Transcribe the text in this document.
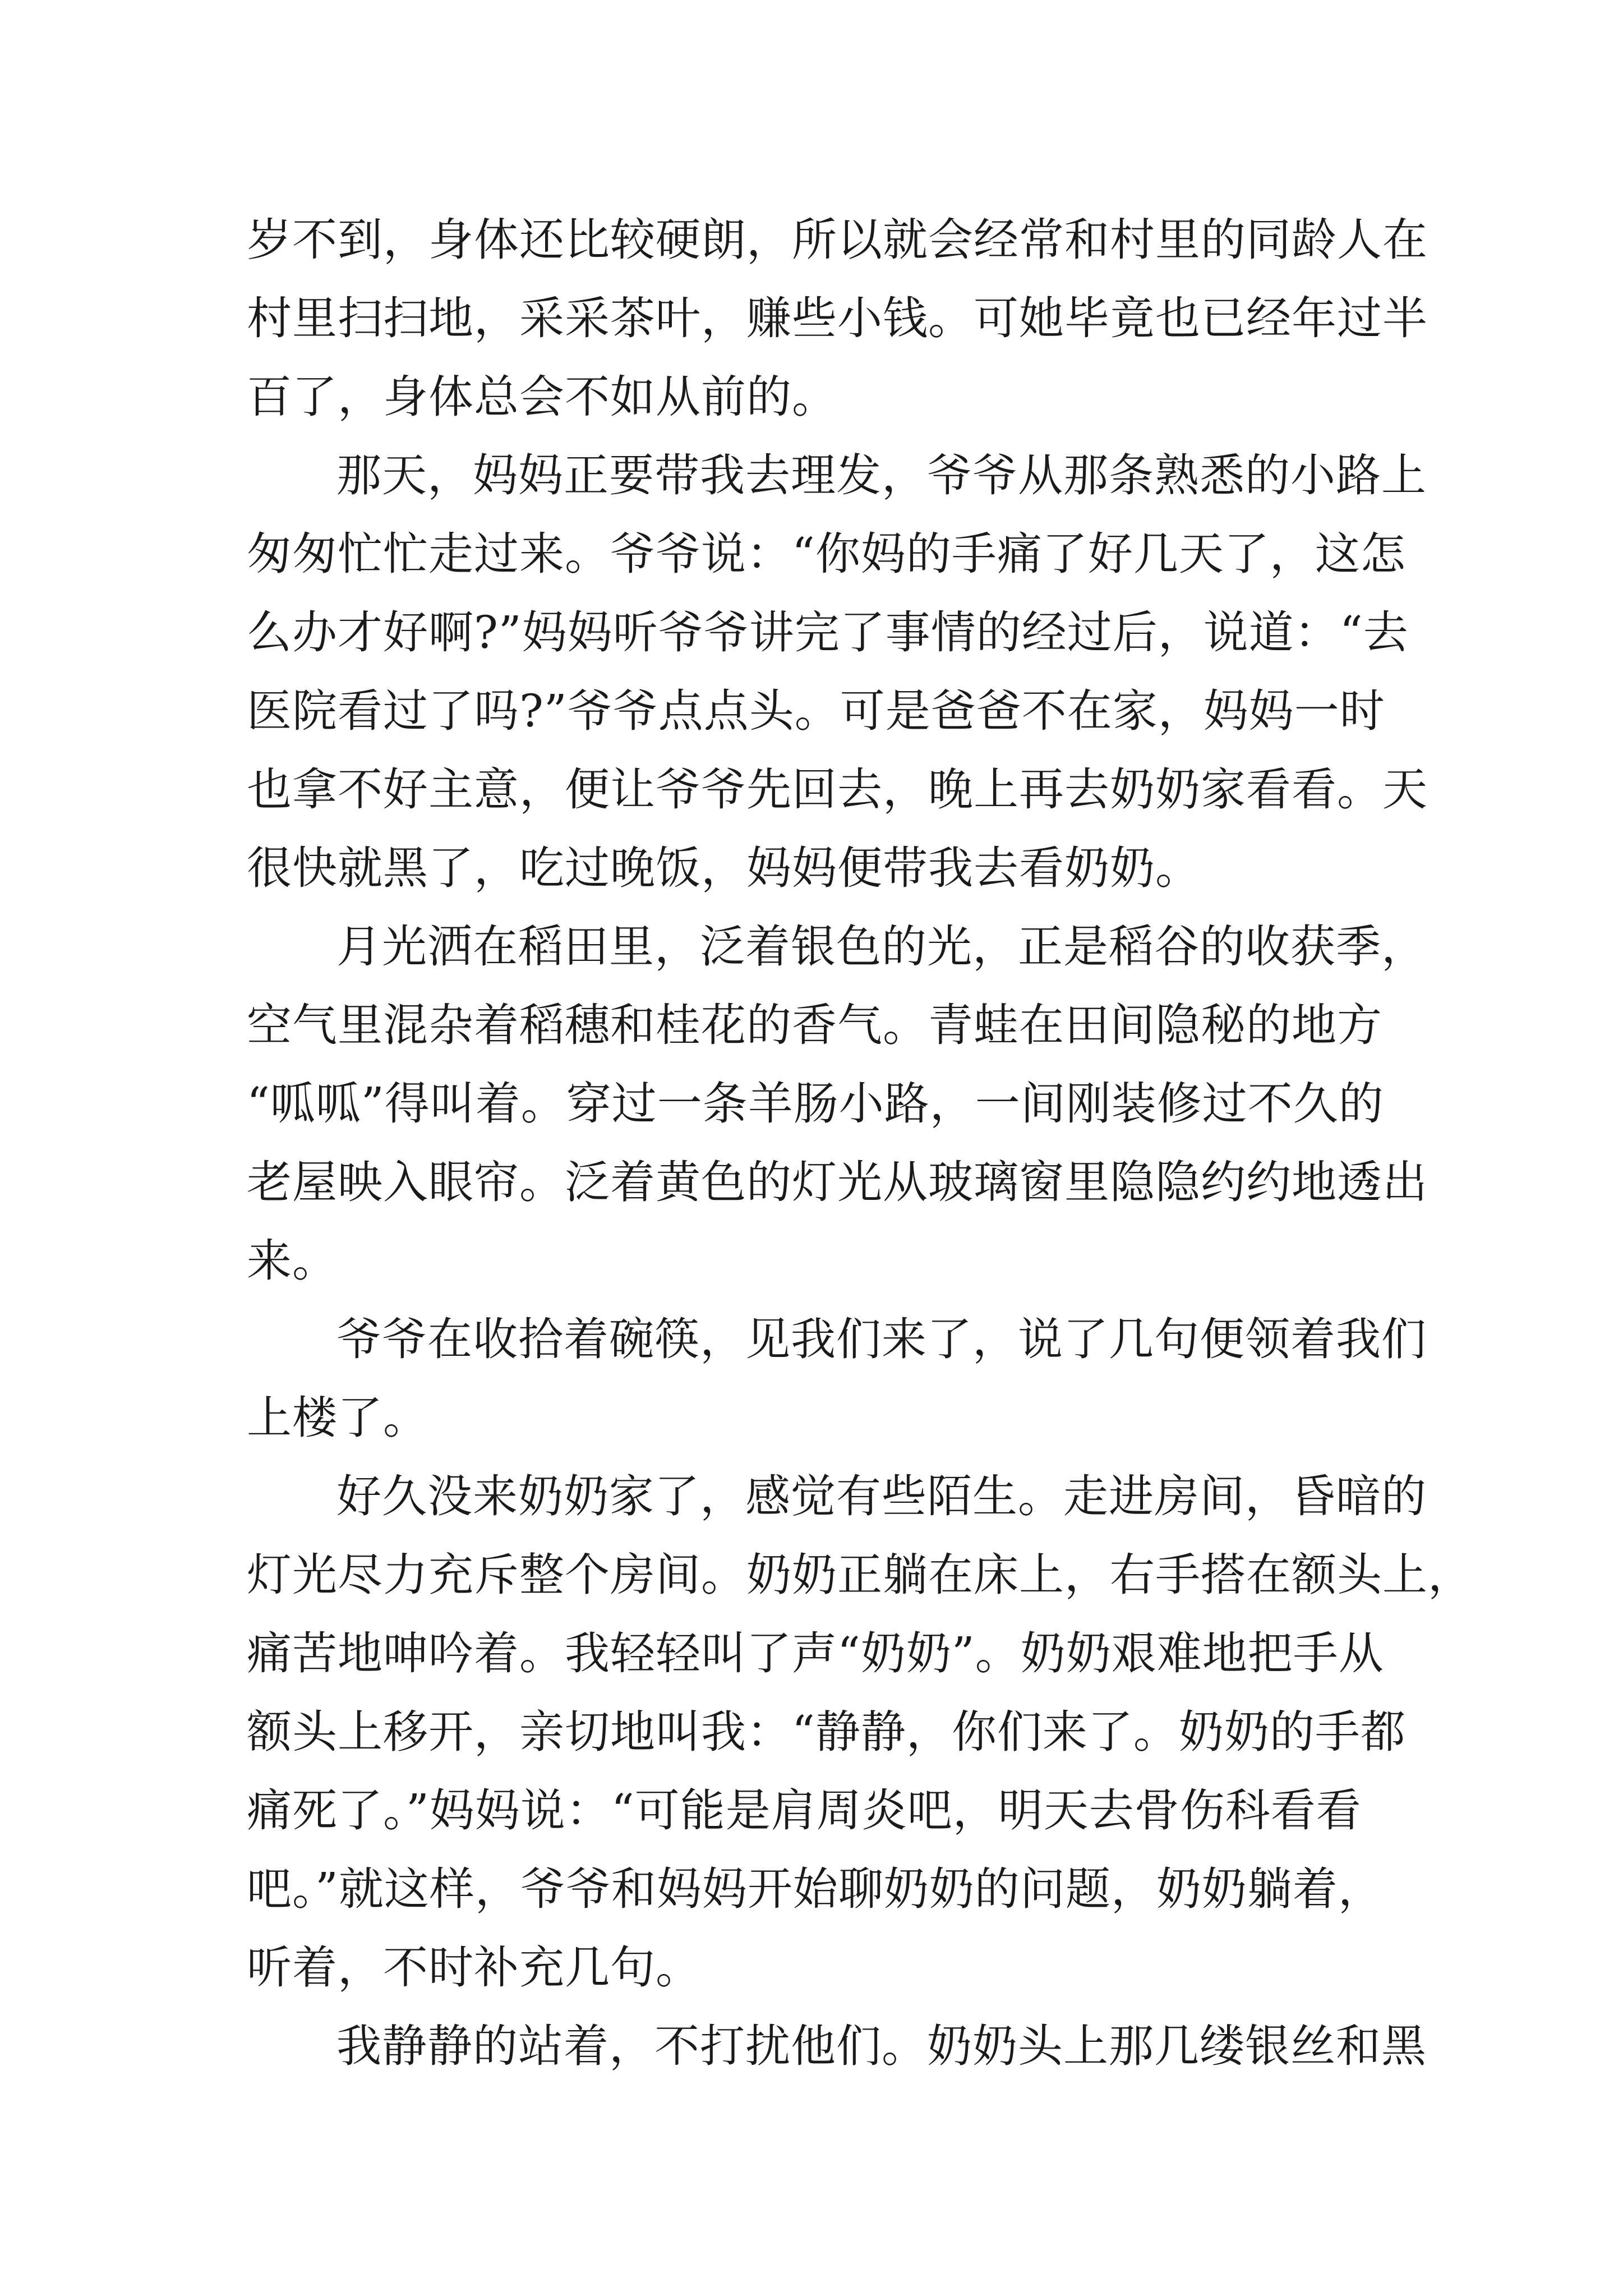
岁不到，身体还比较硬朗，所以就会经常和村里的同龄人在
村里扫扫地，采采茶叶，赚些小钱。可她毕竟也已经年过半
百了，身体总会不如从前的。
那天，妈妈正要带我去理发，爷爷从那条熟悉的小路上
匆匆忙忙走过来。爷爷说：“你妈的手痛了好几天了，这怎
么办才好啊?”妈妈听爷爷讲完了事情的经过后，说道：“去
医院看过了吗?”爷爷点点头。可是爸爸不在家，妈妈一时
也拿不好主意，便让爷爷先回去，晚上再去奶奶家看看。天
很快就黑了，吃过晚饭，妈妈便带我去看奶奶。
月光洒在稻田里，泛着银色的光，正是稻谷的收获季，
空气里混杂着稻穗和桂花的香气。青蛙在田间隐秘的地方
“呱呱”得叫着。穿过一条羊肠小路，一间刚装修过不久的
老屋映入眼帘。泛着黄色的灯光从玻璃窗里隐隐约约地透出
来。
爷爷在收拾着碗筷，见我们来了，说了几句便领着我们
上楼了。
好久没来奶奶家了，感觉有些陌生。走进房间，昏暗的
灯光尽力充斥整个房间。奶奶正躺在床上，右手搭在额头上，
痛苦地呻吟着。我轻轻叫了声“奶奶”。奶奶艰难地把手从
额头上移开，亲切地叫我：“静静，你们来了。奶奶的手都
痛死了。”妈妈说：“可能是肩周炎吧，明天去骨伤科看看
吧。”就这样，爷爷和妈妈开始聊奶奶的问题，奶奶躺着，
听着，不时补充几句。
我静静的站着，不打扰他们。奶奶头上那几缕银丝和黑
